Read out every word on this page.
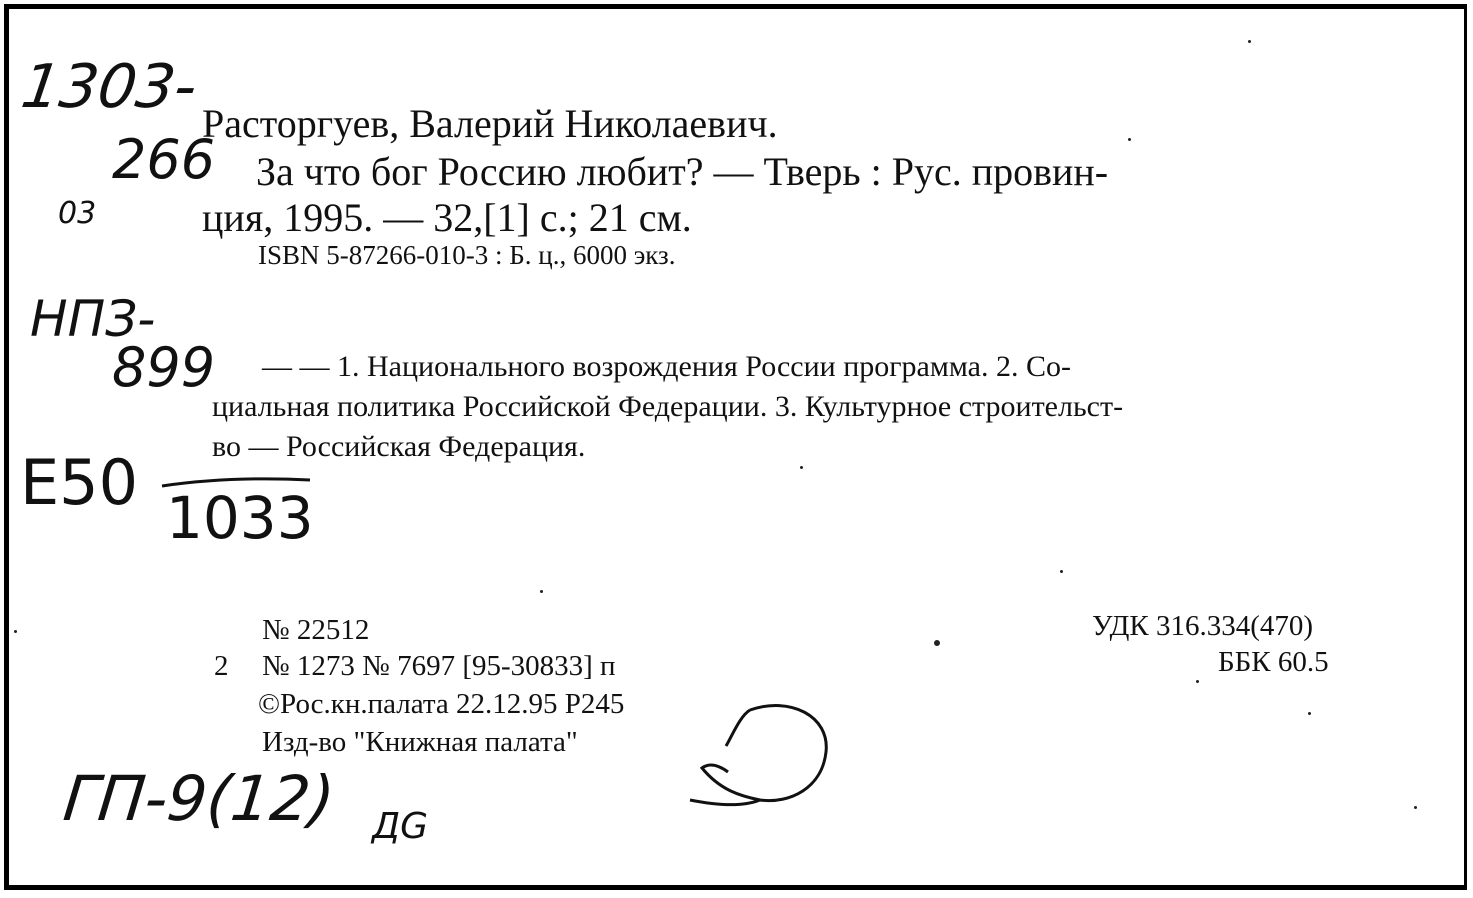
1303-
266
03
НПЗ-
899
Е50 1033
Расторгуев, Валерий Николаевич.
За что бог Россию любит? — Тверь : Рус. провин-
ция, 1995. — 32,[1] с.; 21 см.
ISBN 5-87266-010-3 : Б. ц., 6000 экз.
— — 1. Национального возрождения России программа. 2. Со-
циальная политика Российской Федерации. 3. Культурное строительст-
во — Российская Федерация.
№ 22512
2 № 1273 № 7697 [95-30833] п
©Рос.кн.палата 22.12.95 Р245
Изд-во "Книжная палата"
УДК 316.334(470)
ББК 60.5
ГП-9(12) ДG
